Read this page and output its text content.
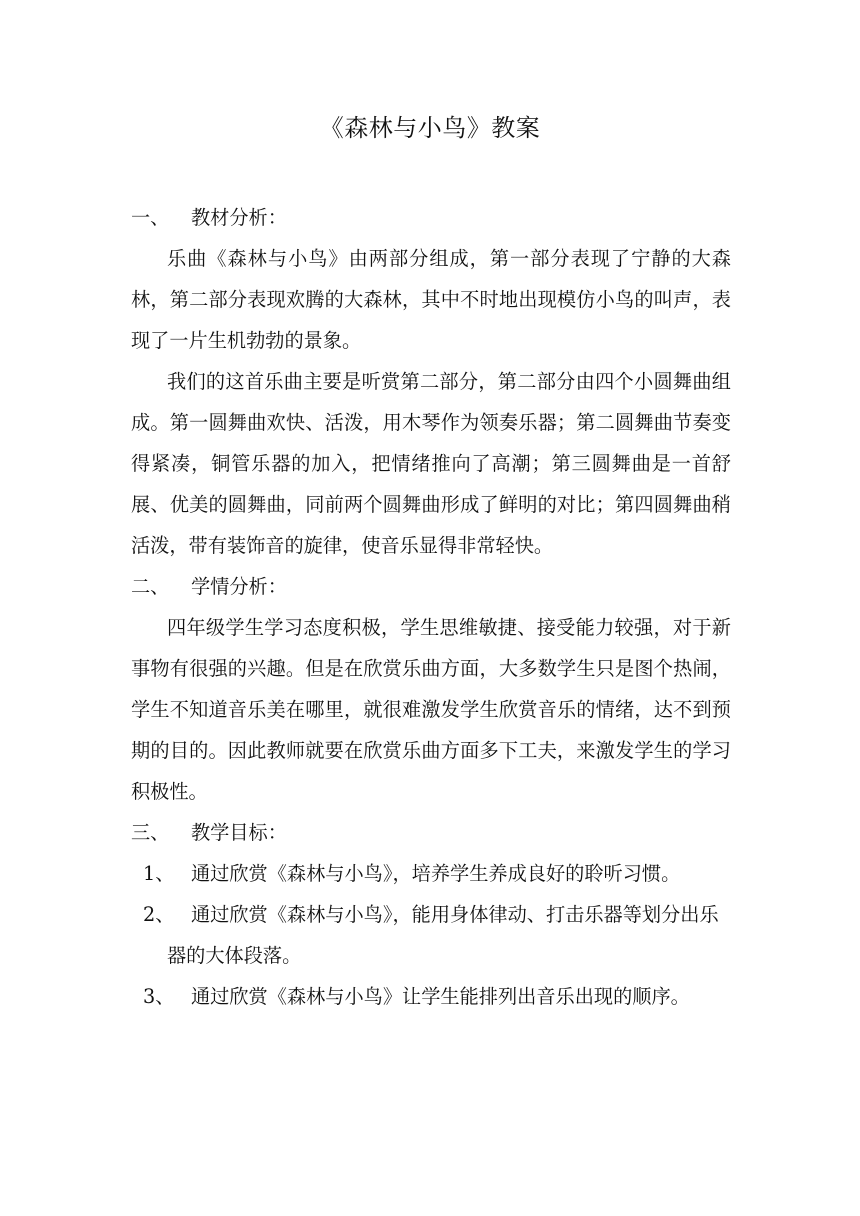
《森林与小鸟》教案
一、	教材分析：

乐曲《森林与小鸟》由两部分组成，第一部分表现了宁静的大森林，第二部分表现欢腾的大森林，其中不时地出现模仿小鸟的叫声，表现了一片生机勃勃的景象。

我们的这首乐曲主要是听赏第二部分，第二部分由四个小圆舞曲组成。第一圆舞曲欢快、活泼，用木琴作为领奏乐器；第二圆舞曲节奏变得紧凑，铜管乐器的加入，把情绪推向了高潮；第三圆舞曲是一首舒展、优美的圆舞曲，同前两个圆舞曲形成了鲜明的对比；第四圆舞曲稍活泼，带有装饰音的旋律，使音乐显得非常轻快。

二、	学情分析：

四年级学生学习态度积极，学生思维敏捷、接受能力较强，对于新事物有很强的兴趣。但是在欣赏乐曲方面，大多数学生只是图个热闹，学生不知道音乐美在哪里，就很难激发学生欣赏音乐的情绪，达不到预期的目的。因此教师就要在欣赏乐曲方面多下工夫，来激发学生的学习积极性。

三、	教学目标：
1、 通过欣赏《森林与小鸟》，培养学生养成良好的聆听习惯。
2、 通过欣赏《森林与小鸟》，能用身体律动、打击乐器等划分出乐器的大体段落。
3、 通过欣赏《森林与小鸟》让学生能排列出音乐出现的顺序。
